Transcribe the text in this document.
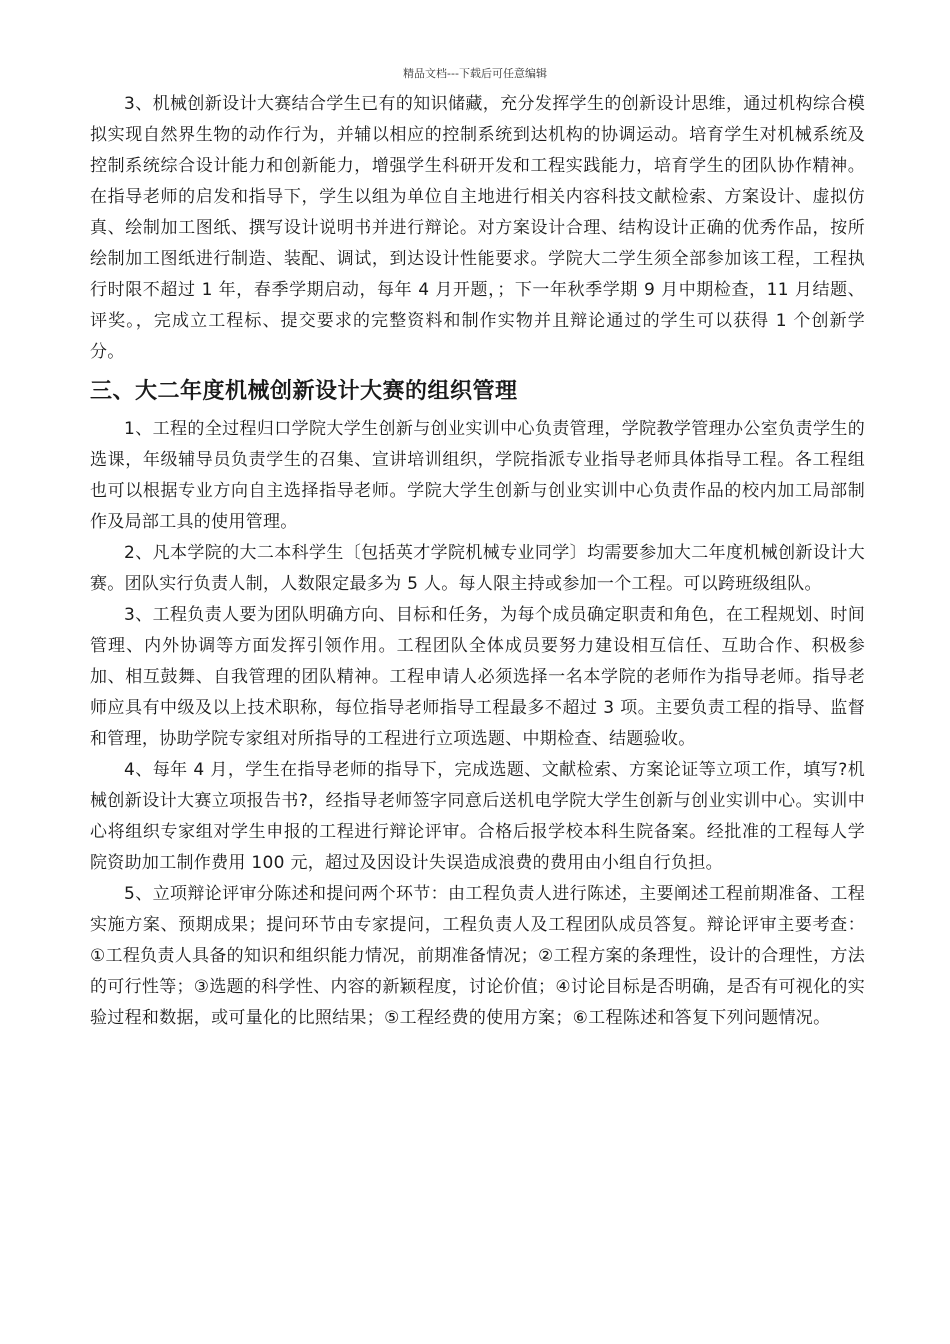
精品文档---下载后可任意编辑

3、机械创新设计大赛结合学生已有的知识储藏，充分发挥学生的创新设计思维，通过机构综合模拟实现自然界生物的动作行为，并辅以相应的控制系统到达机构的协调运动。培育学生对机械系统及控制系统综合设计能力和创新能力，增强学生科研开发和工程实践能力，培育学生的团队协作精神。在指导老师的启发和指导下，学生以组为单位自主地进行相关内容科技文献检索、方案设计、虚拟仿真、绘制加工图纸、撰写设计说明书并进行辩论。对方案设计合理、结构设计正确的优秀作品，按所绘制加工图纸进行制造、装配、调试，到达设计性能要求。学院大二学生须全部参加该工程，工程执行时限不超过 1 年，春季学期启动，每年 4 月开题，；下一年秋季学期 9 月中期检查，11 月结题、评奖。，完成立工程标、提交要求的完整资料和制作实物并且辩论通过的学生可以获得 1 个创新学分。

三、大二年度机械创新设计大赛的组织管理

1、工程的全过程归口学院大学生创新与创业实训中心负责管理，学院教学管理办公室负责学生的选课，年级辅导员负责学生的召集、宣讲培训组织，学院指派专业指导老师具体指导工程。各工程组也可以根据专业方向自主选择指导老师。学院大学生创新与创业实训中心负责作品的校内加工局部制作及局部工具的使用管理。

2、凡本学院的大二本科学生〔包括英才学院机械专业同学〕均需要参加大二年度机械创新设计大赛。团队实行负责人制，人数限定最多为 5 人。每人限主持或参加一个工程。可以跨班级组队。

3、工程负责人要为团队明确方向、目标和任务，为每个成员确定职责和角色，在工程规划、时间管理、内外协调等方面发挥引领作用。工程团队全体成员要努力建设相互信任、互助合作、积极参加、相互鼓舞、自我管理的团队精神。工程申请人必须选择一名本学院的老师作为指导老师。指导老师应具有中级及以上技术职称，每位指导老师指导工程最多不超过 3 项。主要负责工程的指导、监督和管理，协助学院专家组对所指导的工程进行立项选题、中期检查、结题验收。

4、每年 4 月，学生在指导老师的指导下，完成选题、文献检索、方案论证等立项工作，填写?机械创新设计大赛立项报告书?，经指导老师签字同意后送机电学院大学生创新与创业实训中心。实训中心将组织专家组对学生申报的工程进行辩论评审。合格后报学校本科生院备案。经批准的工程每人学院资助加工制作费用 100 元，超过及因设计失误造成浪费的费用由小组自行负担。

5、立项辩论评审分陈述和提问两个环节：由工程负责人进行陈述，主要阐述工程前期准备、工程实施方案、预期成果；提问环节由专家提问，工程负责人及工程团队成员答复。辩论评审主要考查：①工程负责人具备的知识和组织能力情况，前期准备情况；②工程方案的条理性，设计的合理性，方法的可行性等；③选题的科学性、内容的新颖程度，讨论价值；④讨论目标是否明确，是否有可视化的实验过程和数据，或可量化的比照结果；⑤工程经费的使用方案；⑥工程陈述和答复下列问题情况。
